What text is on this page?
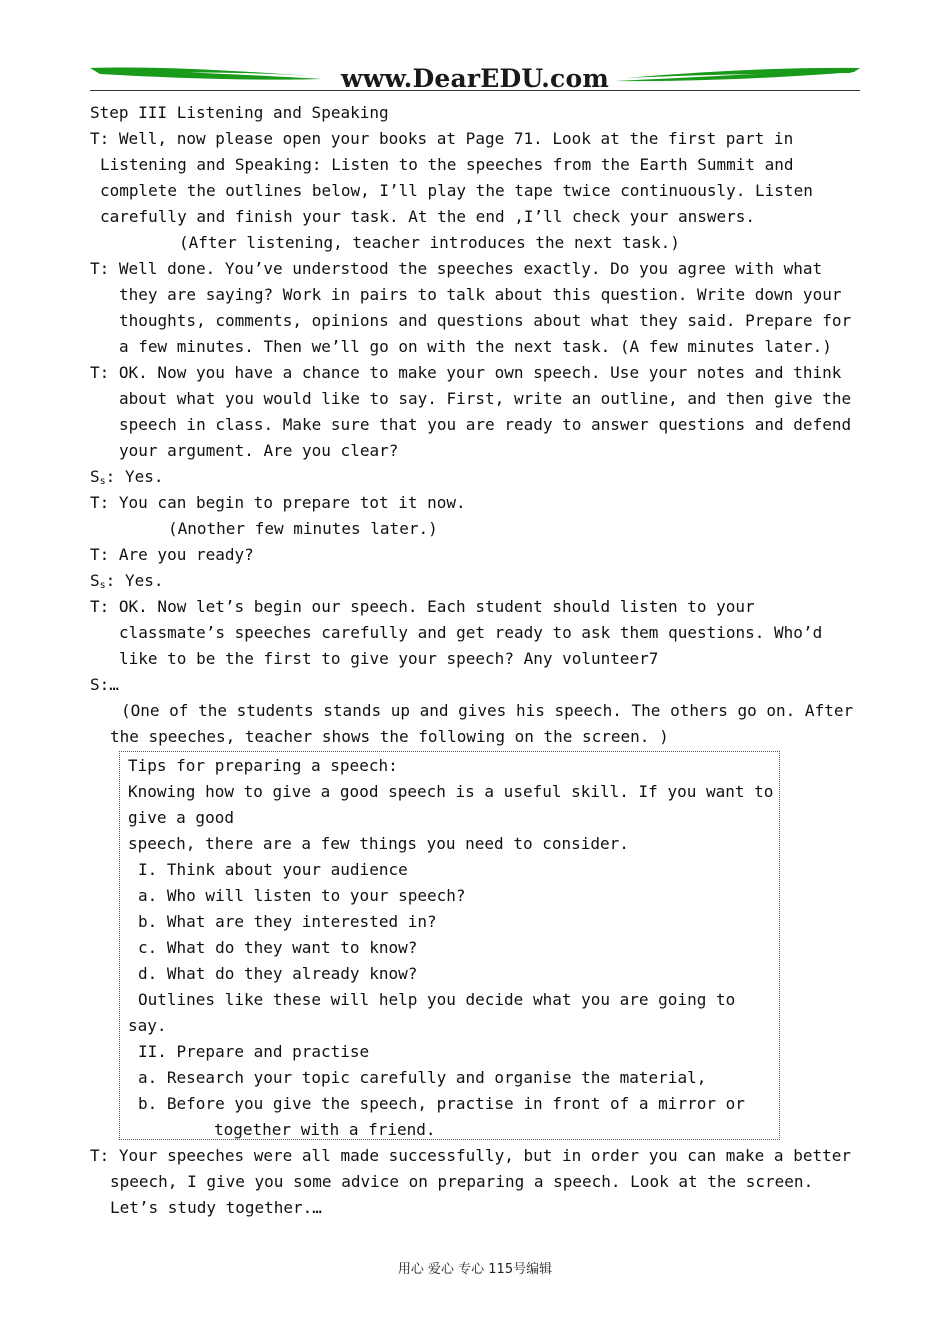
www.DearEDU.com
Step III Listening and Speaking
T: Well, now please open your books at Page 71. Look at the first part in
Listening and Speaking: Listen to the speeches from the Earth Summit and
complete the outlines below, I’ll play the tape twice continuously. Listen
carefully and finish your task. At the end ,I’ll check your answers.
(After listening, teacher introduces the next task.)
T: Well done. You’ve understood the speeches exactly. Do you agree with what
they are saying? Work in pairs to talk about this question. Write down your
thoughts, comments, opinions and questions about what they said. Prepare for
a few minutes. Then we’ll go on with the next task. (A few minutes later.)
T: OK. Now you have a chance to make your own speech. Use your notes and think
about what you would like to say. First, write an outline, and then give the
speech in class. Make sure that you are ready to answer questions and defend
your argument. Are you clear?
$S_s$: Yes.
T: You can begin to prepare tot it now.
(Another few minutes later.)
T: Are you ready?
$S_s$: Yes.
T: OK. Now let’s begin our speech. Each student should listen to your
classmate’s speeches carefully and get ready to ask them questions. Who’d
like to be the first to give your speech? Any volunteer7
S:…
(One of the students stands up and gives his speech. The others go on. After
the speeches, teacher shows the following on the screen. )
Tips for preparing a speech:
Knowing how to give a good speech is a useful skill. If you want to
give a good
speech, there are a few things you need to consider.
I. Think about your audience
a. Who will listen to your speech?
b. What are they interested in?
c. What do they want to know?
d. What do they already know?
Outlines like these will help you decide what you are going to
say.
II. Prepare and practise
a. Research your topic carefully and organise the material,
b. Before you give the speech, practise in front of a mirror or
together with a friend.
T: Your speeches were all made successfully, but in order you can make a better
speech, I give you some advice on preparing a speech. Look at the screen.
Let’s study together.…
用心 爱心 专心 115号编辑
